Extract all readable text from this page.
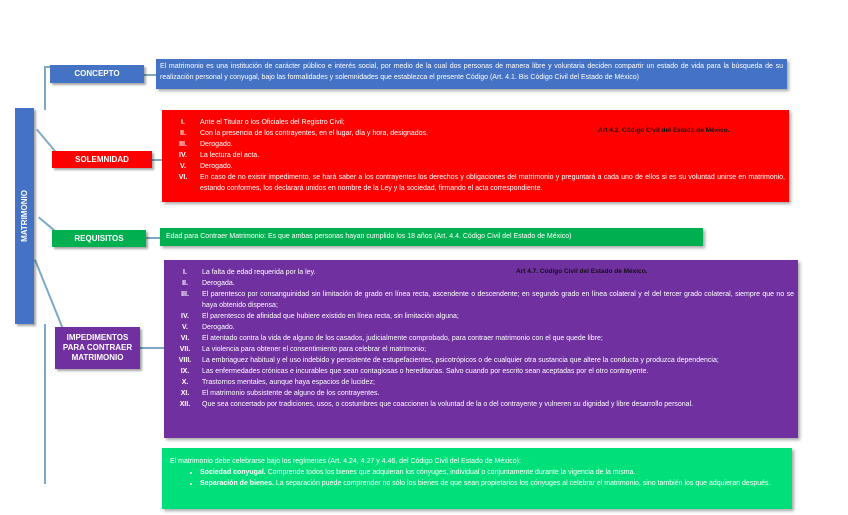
MATRIMONIO
CONCEPTO
SOLEMNIDAD
REQUISITOS
IMPEDIMENTOS PARA CONTRAER MATRIMONIO
El matrimonio es una institución de carácter público e interés social, por medio de la cual dos personas de manera libre y voluntaria deciden compartir un estado de vida para la búsqueda de su realización personal y conyugal, bajo las formalidades y solemnidades que establezca el presente Código (Art. 4.1. Bis Código Civil del Estado de México)
Art 4.2. Código Civil del Estado de México.
I.	Ante el Titular o los Oficiales del Registro Civil;
II.	Con la presencia de los contrayentes, en el lugar, día y hora, designados.
III.	Derogado.
IV.	La lectura del acta.
V.	Derogado.
VI.	En caso de no existir impedimento, se hará saber a los contrayentes los derechos y obligaciones del matrimonio y preguntará a cada uno de ellos si es su voluntad unirse en matrimonio, estando conformes, los declarará unidos en nombre de la Ley y la sociedad, firmando el acta correspondiente.
Edad para Contraer Matrimonio: Es que ambas personas hayan cumplido los 18 años (Art. 4.4. Código Civil del Estado de México)
Art 4.7. Código Civil del Estado de México.
I.	La falta de edad requerida por la ley.
II.	Derogada.
III.	El parentesco por consanguinidad sin limitación de grado en línea recta, ascendente o descendente; en segundo grado en línea colateral y el del tercer grado colateral, siempre que no se haya obtenido dispensa;
IV.	El parentesco de afinidad que hubiere existido en línea recta, sin limitación alguna;
V.	Derogado.
VI.	El atentado contra la vida de alguno de los casados, judicialmente comprobado, para contraer matrimonio con el que quede libre;
VII.	La violencia para obtener el consentimiento para celebrar el matrimonio;
VIII.	La embriaguez habitual y el uso indebido y persistente de estupefacientes, psicotrópicos o de cualquier otra sustancia que altere la conducta y produzca dependencia;
IX.	Las enfermedades crónicas e incurables que sean contagiosas o hereditarias. Salvo cuando por escrito sean aceptadas por el otro contrayente.
X.	Trastornos mentales, aunque haya espacios de lucidez;
XI.	El matrimonio subsistente de alguno de los contrayentes.
XII.	Que sea concertado por tradiciones, usos, o costumbres que coaccionen la voluntad de la o del contrayente y vulneren su dignidad y libre desarrollo personal.
El matrimonio debe celebrarse bajo los regímenes (Art. 4.24, 4.27 y 4.46, del Código Civil del Estado de México):
• Sociedad conyugal. Comprende todos los bienes que adquieran los cónyuges, individual o conjuntamente durante la vigencia de la misma.
• Separación de bienes. La separación puede comprender no sólo los bienes de que sean propietarios los cónyuges al celebrar el matrimonio, sino también los que adquieran después.
